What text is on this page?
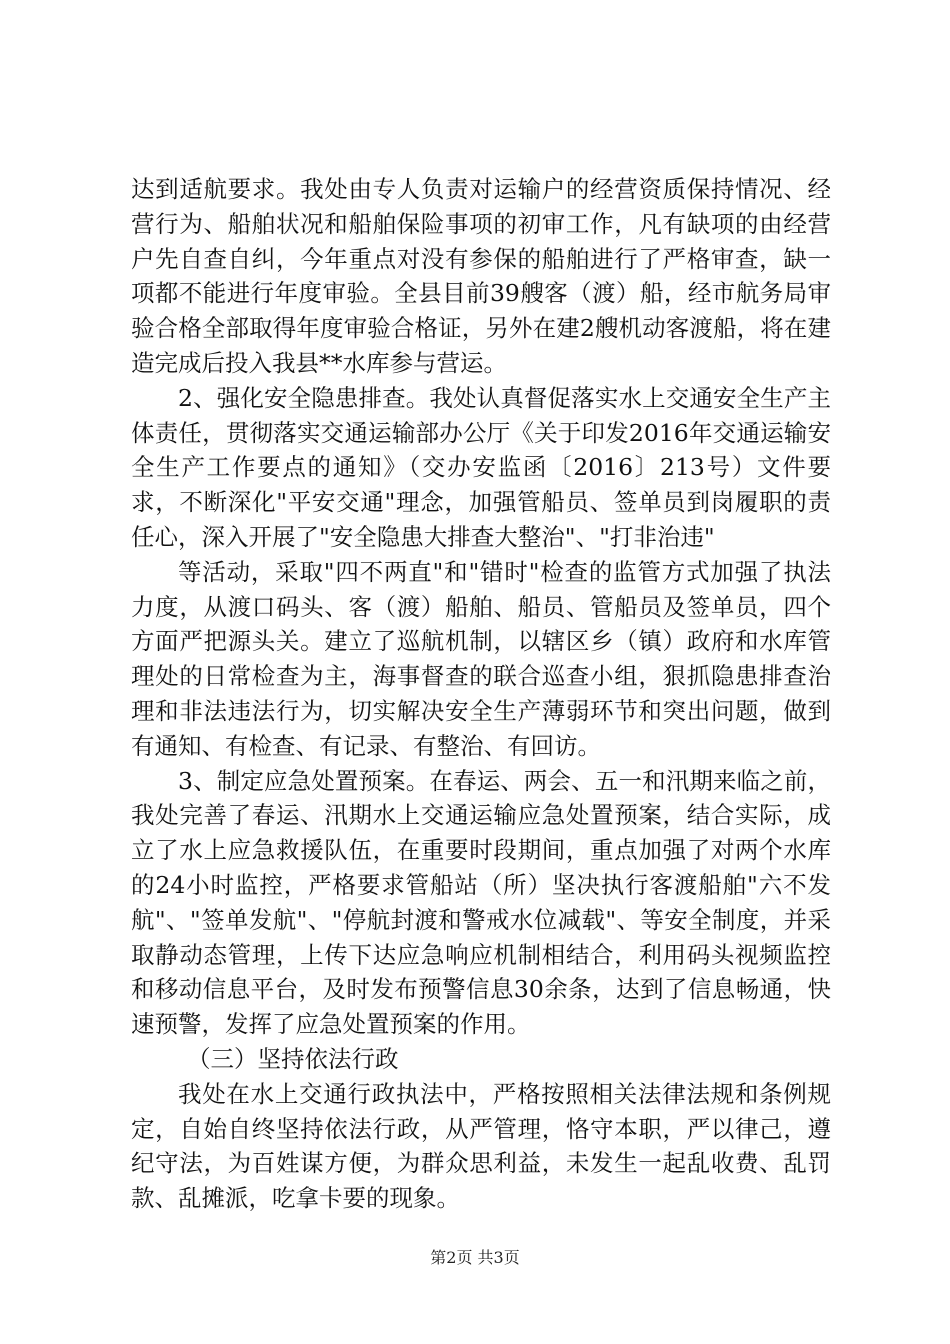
达到适航要求。我处由专人负责对运输户的经营资质保持情况、经营行为、船舶状况和船舶保险事项的初审工作，凡有缺项的由经营户先自查自纠，今年重点对没有参保的船舶进行了严格审查，缺一项都不能进行年度审验。全县目前39艘客（渡）船，经市航务局审验合格全部取得年度审验合格证，另外在建2艘机动客渡船，将在建造完成后投入我县**水库参与营运。

2、强化安全隐患排查。我处认真督促落实水上交通安全生产主体责任，贯彻落实交通运输部办公厅《关于印发2016年交通运输安全生产工作要点的通知》（交办安监函〔2016〕213号）文件要求，不断深化"平安交通"理念，加强管船员、签单员到岗履职的责任心，深入开展了"安全隐患大排查大整治"、"打非治违"

等活动，采取"四不两直"和"错时"检查的监管方式加强了执法力度，从渡口码头、客（渡）船舶、船员、管船员及签单员，四个方面严把源头关。建立了巡航机制，以辖区乡（镇）政府和水库管理处的日常检查为主，海事督查的联合巡查小组，狠抓隐患排查治理和非法违法行为，切实解决安全生产薄弱环节和突出问题，做到有通知、有检查、有记录、有整治、有回访。

3、制定应急处置预案。在春运、两会、五一和汛期来临之前，我处完善了春运、汛期水上交通运输应急处置预案，结合实际，成立了水上应急救援队伍，在重要时段期间，重点加强了对两个水库的24小时监控，严格要求管船站（所）坚决执行客渡船舶"六不发航"、"签单发航"、"停航封渡和警戒水位减载"、等安全制度，并采取静动态管理，上传下达应急响应机制相结合，利用码头视频监控和移动信息平台，及时发布预警信息30余条，达到了信息畅通，快速预警，发挥了应急处置预案的作用。

（三）坚持依法行政

我处在水上交通行政执法中，严格按照相关法律法规和条例规定，自始自终坚持依法行政，从严管理，恪守本职，严以律己，遵纪守法，为百姓谋方便，为群众思利益，未发生一起乱收费、乱罚款、乱摊派，吃拿卡要的现象。

第2页 共3页
